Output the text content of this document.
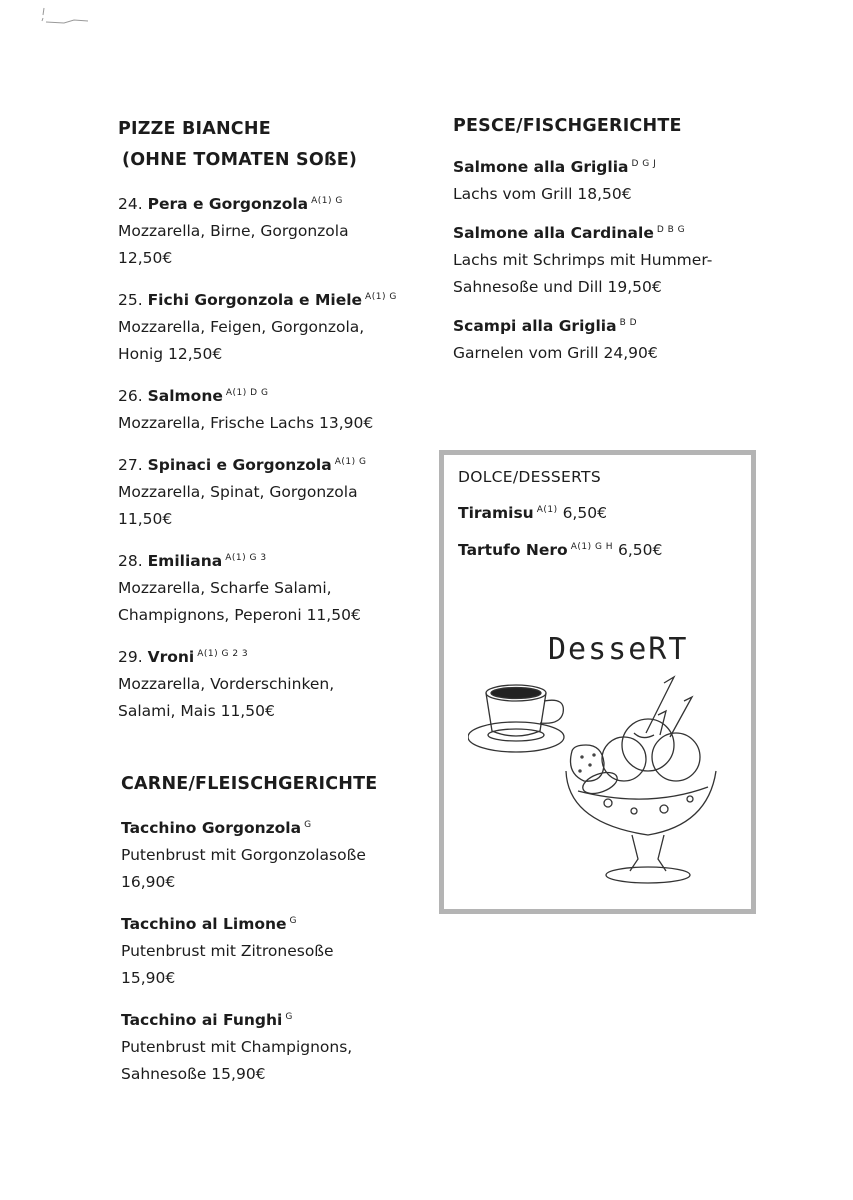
PIZZE BIANCHE
(OHNE TOMATEN SOßE)
24. Pera e Gorgonzola $^{A(1) G}$
Mozzarella, Birne, Gorgonzola
12,50€
25. Fichi Gorgonzola e Miele $^{A(1) G}$
Mozzarella, Feigen, Gorgonzola,
Honig 12,50€
26. Salmone $^{A(1) D G}$
Mozzarella, Frische Lachs 13,90€
27. Spinaci e Gorgonzola $^{A(1) G}$
Mozzarella, Spinat, Gorgonzola
11,50€
28. Emiliana $^{A(1) G 3}$
Mozzarella, Scharfe Salami,
Champignons, Peperoni 11,50€
29. Vroni $^{A(1) G 2 3}$
Mozzarella, Vorderschinken,
Salami, Mais 11,50€
CARNE/FLEISCHGERICHTE
Tacchino Gorgonzola $^G$
Putenbrust mit Gorgonzolasoße
16,90€
Tacchino al Limone $^G$
Putenbrust mit Zitronesoße
15,90€
Tacchino ai Funghi $^G$
Putenbrust mit Champignons,
Sahnesoße 15,90€
PESCE/FISCHGERICHTE
Salmone alla Griglia $^{D G J}$
Lachs vom Grill 18,50€
Salmone alla Cardinale $^{D B G}$
Lachs mit Schrimps mit Hummer-
Sahnesoße und Dill 19,50€
Scampi alla Griglia $^{B D}$
Garnelen vom Grill 24,90€
DOLCE/DESSERTS
Tiramisu $^{A(1)}$ 6,50€
Tartufo Nero $^{A(1) G H}$ 6,50€
DesseRT
